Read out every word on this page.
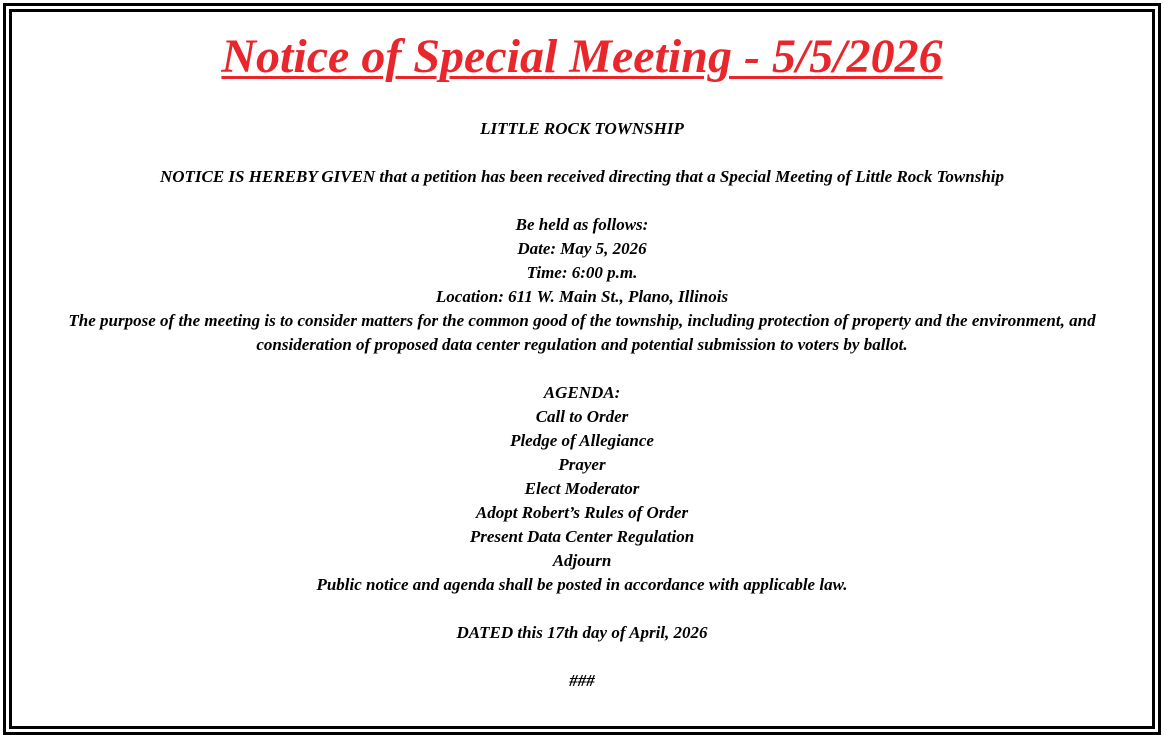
Notice of Special Meeting - 5/5/2026

LITTLE ROCK TOWNSHIP

NOTICE IS HEREBY GIVEN that a petition has been received directing that a Special Meeting of Little Rock Township

Be held as follows:

Date: May 5, 2026

Time: 6:00 p.m.

Location: 611 W. Main St., Plano, Illinois

The purpose of the meeting is to consider matters for the common good of the township, including protection of property and the environment, and consideration of proposed data center regulation and potential submission to voters by ballot.

AGENDA:

Call to Order

Pledge of Allegiance

Prayer

Elect Moderator

Adopt Robert’s Rules of Order

Present Data Center Regulation

Adjourn

Public notice and agenda shall be posted in accordance with applicable law.

DATED this 17th day of April, 2026

###
